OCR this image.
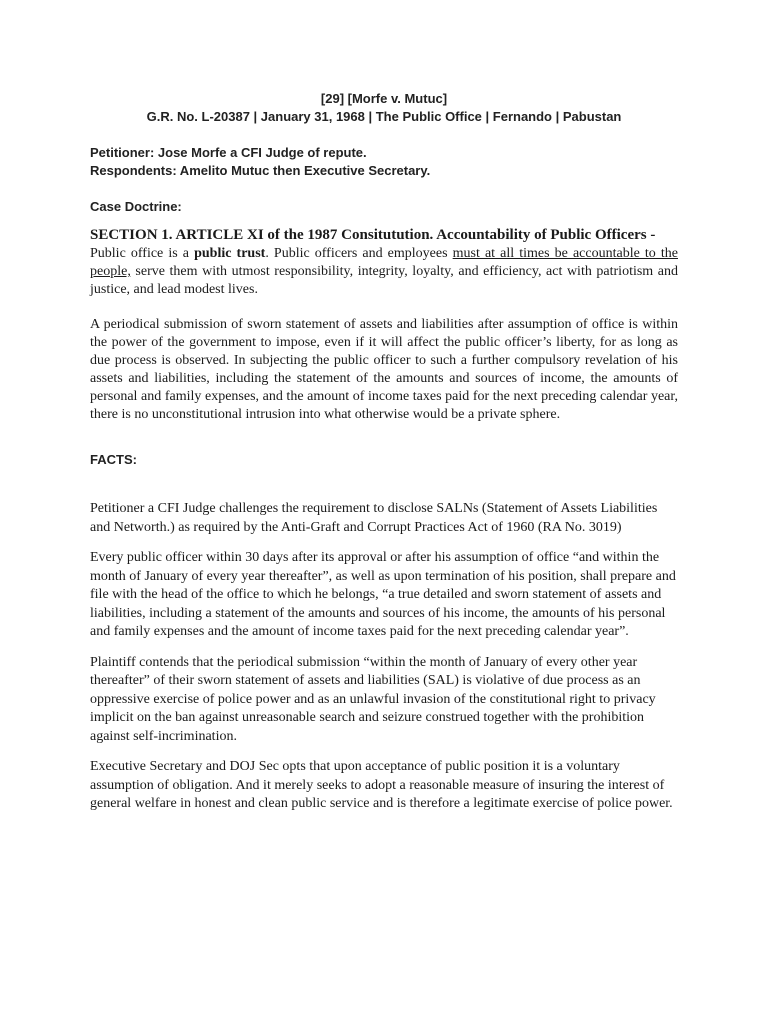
[29] [Morfe v. Mutuc]
G.R. No. L-20387 | January 31, 1968 | The Public Office | Fernando | Pabustan
Petitioner: Jose Morfe a CFI Judge of repute.
Respondents: Amelito Mutuc then Executive Secretary.
Case Doctrine:
SECTION 1. ARTICLE XI of the 1987 Consitutution. Accountability of Public Officers -
Public office is a public trust. Public officers and employees must at all times be accountable to the people, serve them with utmost responsibility, integrity, loyalty, and efficiency, act with patriotism and justice, and lead modest lives.
A periodical submission of sworn statement of assets and liabilities after assumption of office is within the power of the government to impose, even if it will affect the public officer’s liberty, for as long as due process is observed. In subjecting the public officer to such a further compulsory revelation of his assets and liabilities, including the statement of the amounts and sources of income, the amounts of personal and family expenses, and the amount of income taxes paid for the next preceding calendar year, there is no unconstitutional intrusion into what otherwise would be a private sphere.
FACTS:
Petitioner a CFI Judge challenges the requirement to disclose SALNs (Statement of Assets Liabilities and Networth.) as required by the Anti-Graft and Corrupt Practices Act of 1960 (RA No. 3019)
Every public officer within 30 days after its approval or after his assumption of office “and within the month of January of every year thereafter”, as well as upon termination of his position, shall prepare and file with the head of the office to which he belongs, “a true detailed and sworn statement of assets and liabilities, including a statement of the amounts and sources of his income, the amounts of his personal and family expenses and the amount of income taxes paid for the next preceding calendar year”.
Plaintiff contends that the periodical submission “within the month of January of every other year thereafter” of their sworn statement of assets and liabilities (SAL) is violative of due process as an oppressive exercise of police power and as an unlawful invasion of the constitutional right to privacy implicit on the ban against unreasonable search and seizure construed together with the prohibition against self-incrimination.
Executive Secretary and DOJ Sec opts that upon acceptance of public position it is a voluntary assumption of obligation. And it merely seeks to adopt a reasonable measure of insuring the interest of general welfare in honest and clean public service and is therefore a legitimate exercise of police power.
